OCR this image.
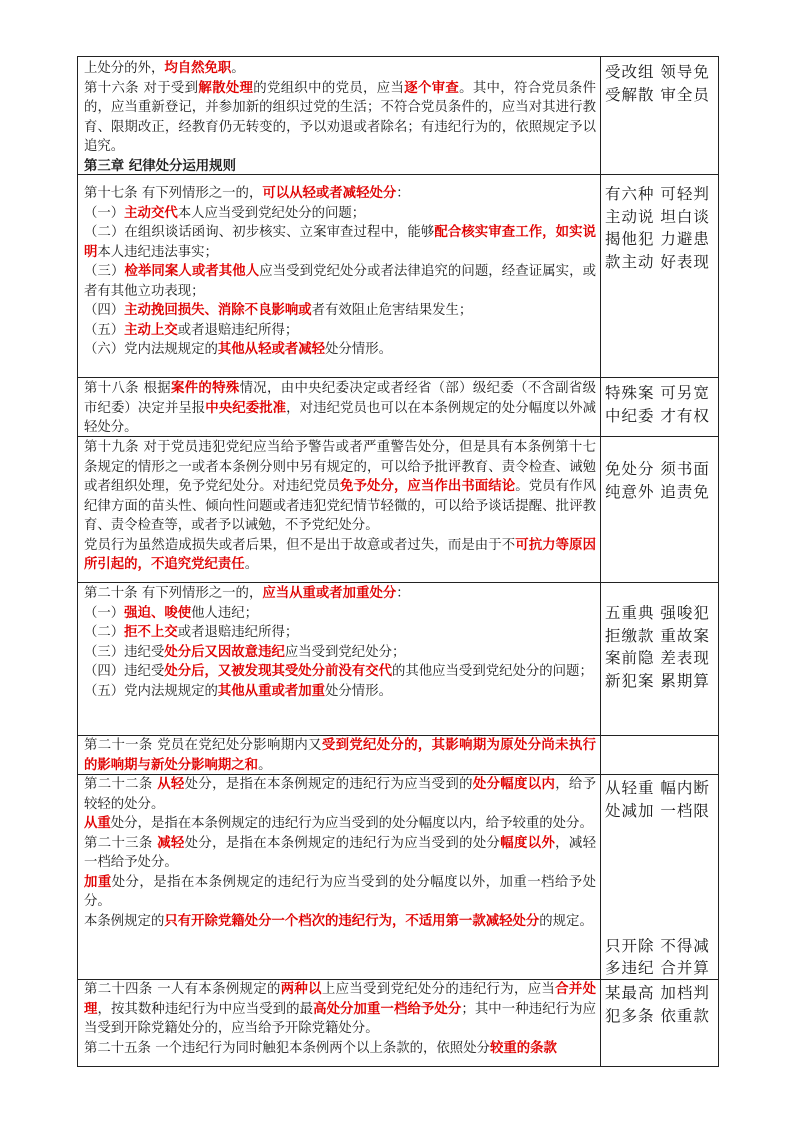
上处分的外，均自然免职。

第十六条 对于受到解散处理的党组织中的党员，应当逐个审查。其中，符合党员条件的，应当重新登记，并参加新的组织过党的生活；不符合党员条件的，应当对其进行教育、限期改正，经教育仍无转变的，予以劝退或者除名；有违纪行为的，依照规定予以追究。

第三章 纪律处分运用规则

第十七条 有下列情形之一的，可以从轻或者减轻处分：

（一）主动交代本人应当受到党纪处分的问题；

（二）在组织谈话函询、初步核实、立案审查过程中，能够配合核实审查工作，如实说明本人违纪违法事实；

（三）检举同案人或者其他人应当受到党纪处分或者法律追究的问题，经查证属实，或者有其他立功表现；

（四）主动挽回损失、消除不良影响或者有效阻止危害结果发生；

（五）主动上交或者退赔违纪所得；

（六）党内法规规定的其他从轻或者减轻处分情形。

第十八条 根据案件的特殊情况，由中央纪委决定或者经省（部）级纪委（不含副省级市纪委）决定并呈报中央纪委批准，对违纪党员也可以在本条例规定的处分幅度以外减轻处分。

第十九条 对于党员违犯党纪应当给予警告或者严重警告处分，但是具有本条例第十七条规定的情形之一或者本条例分则中另有规定的，可以给予批评教育、责令检查、诫勉或者组织处理，免予党纪处分。对违纪党员免予处分，应当作出书面结论。党员有作风纪律方面的苗头性、倾向性问题或者违犯党纪情节轻微的，可以给予谈话提醒、批评教育、责令检查等，或者予以诫勉，不予党纪处分。

党员行为虽然造成损失或者后果，但不是出于故意或者过失，而是由于不可抗力等原因所引起的，不追究党纪责任。

第二十条 有下列情形之一的，应当从重或者加重处分：

（一）强迫、唆使他人违纪；

（二）拒不上交或者退赔违纪所得；

（三）违纪受处分后又因故意违纪应当受到党纪处分；

（四）违纪受处分后，又被发现其受处分前没有交代的其他应当受到党纪处分的问题；

（五）党内法规规定的其他从重或者加重处分情形。

第二十一条 党员在党纪处分影响期内又受到党纪处分的，其影响期为原处分尚未执行的影响期与新处分影响期之和。

第二十二条 从轻处分，是指在本条例规定的违纪行为应当受到的处分幅度以内，给予较轻的处分。

从重处分，是指在本条例规定的违纪行为应当受到的处分幅度以内，给予较重的处分。

第二十三条 减轻处分，是指在本条例规定的违纪行为应当受到的处分幅度以外，减轻一档给予处分。

加重处分，是指在本条例规定的违纪行为应当受到的处分幅度以外，加重一档给予处分。

本条例规定的只有开除党籍处分一个档次的违纪行为，不适用第一款减轻处分的规定。

第二十四条 一人有本条例规定的两种以上应当受到党纪处分的违纪行为，应当合并处理，按其数种违纪行为中应当受到的最高处分加重一档给予处分；其中一种违纪行为应当受到开除党籍处分的，应当给予开除党籍处分。

第二十五条 一个违纪行为同时触犯本条例两个以上条款的，依照处分较重的条款

受改组 领导免

受解散 审全员

有六种 可轻判

主动说 坦白谈

揭他犯 力避患

款主动 好表现

特殊案 可另宽

中纪委 才有权

免处分 须书面

纯意外 追责免

五重典 强唆犯

拒缴款 重故案

案前隐 差表现

新犯案 累期算

从轻重 幅内断

处减加 一档限

只开除 不得减

多违纪 合并算

某最高 加档判

犯多条 依重款
